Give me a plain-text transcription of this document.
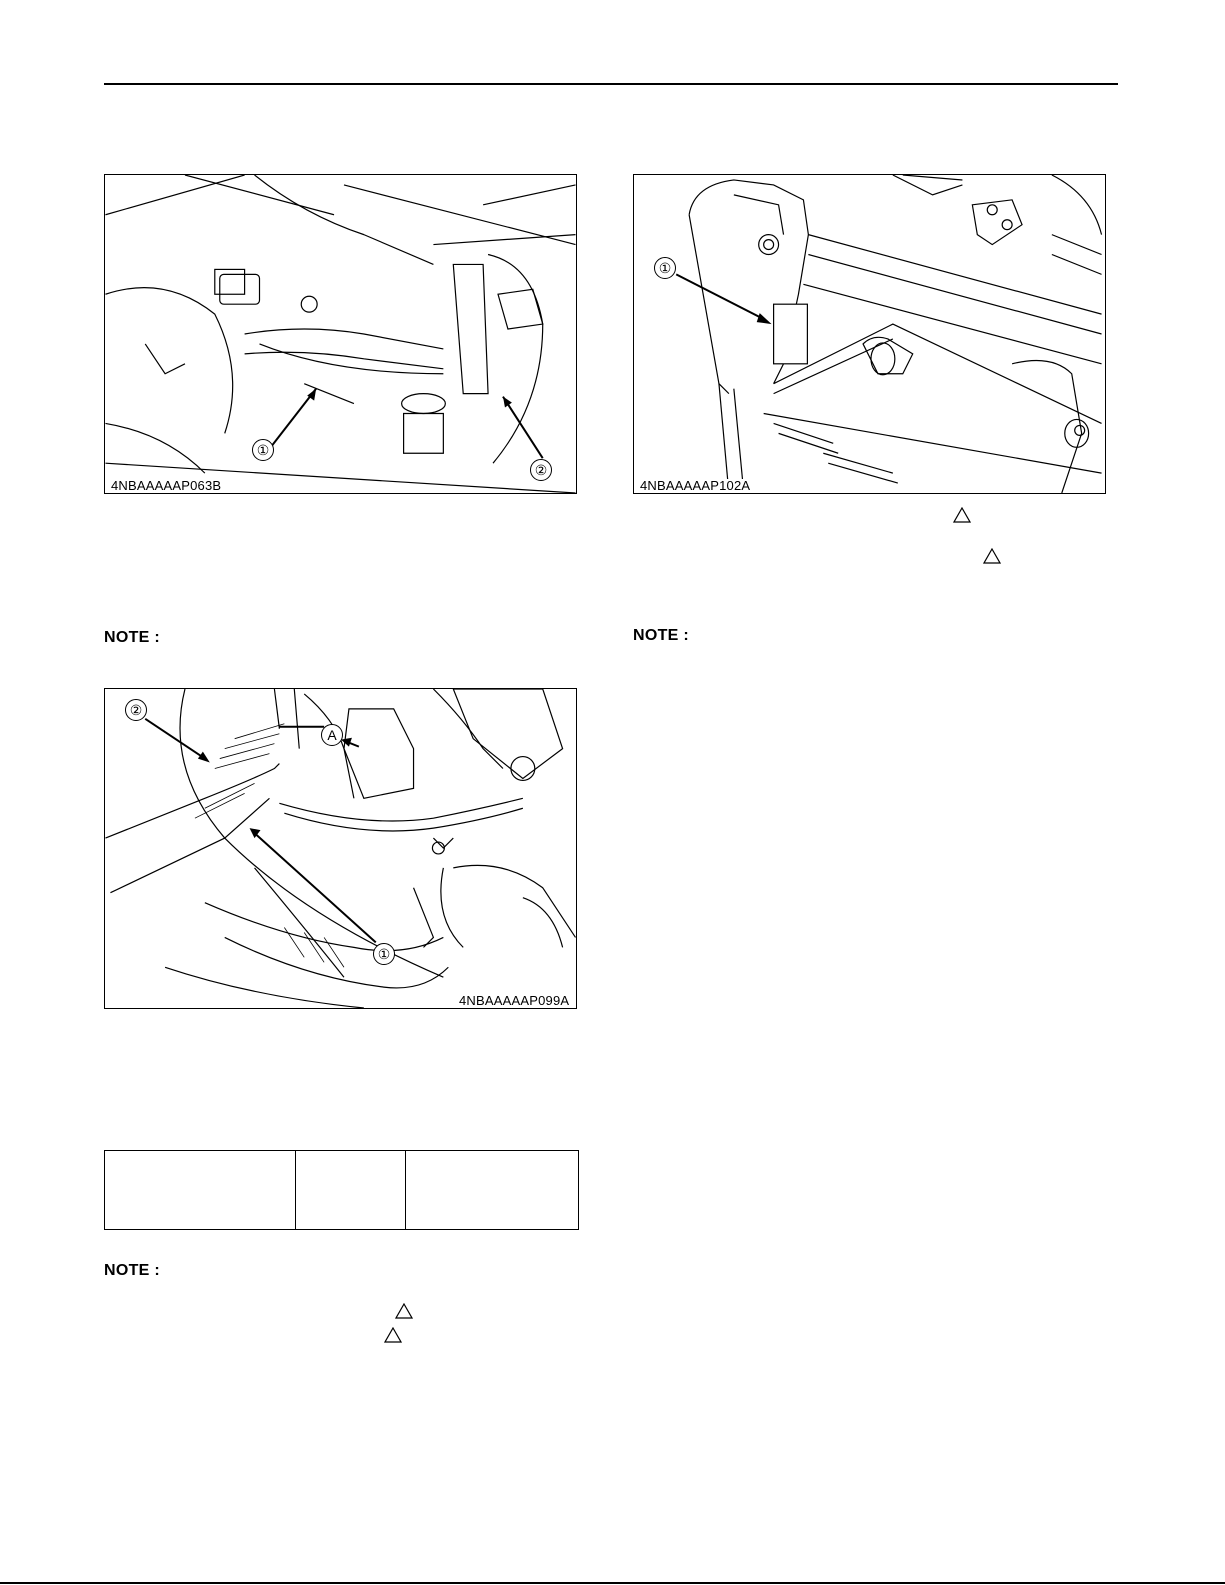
①
②
4NBAAAAAP063B
①
4NBAAAAAP102A
NOTE :	NOTE :
②
A
①
4NBAAAAAP099A

NOTE :
